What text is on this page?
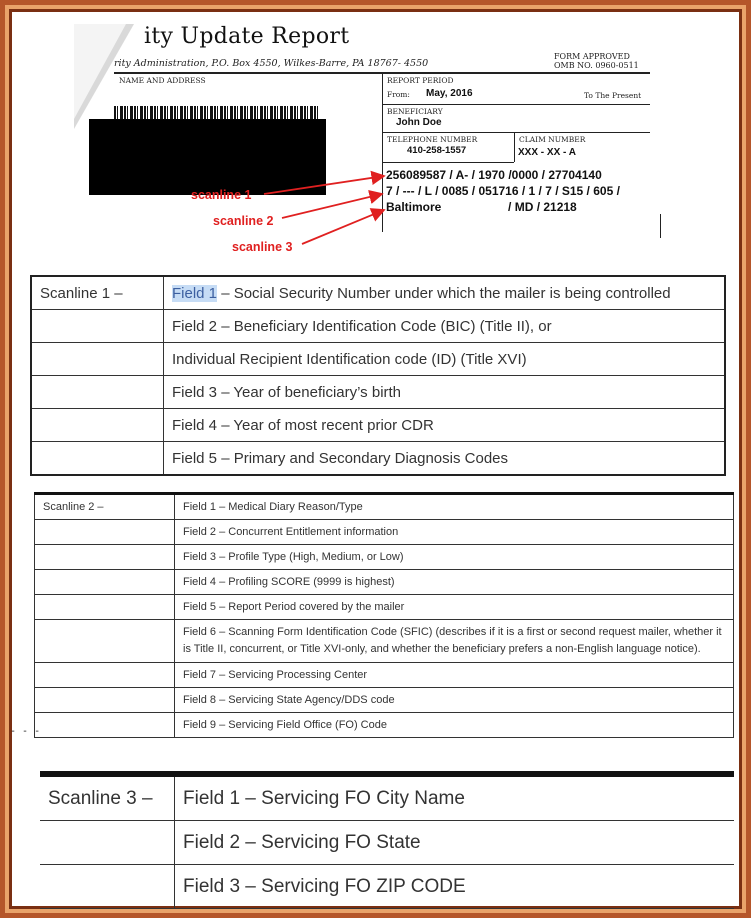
ity Update Report
rity Administration, P.O. Box 4550, Wilkes-Barre, PA 18767- 4550
FORM APPROVED
OMB NO. 0960-0511
NAME AND ADDRESS	REPORT PERIOD
From: May, 2016	To The Present
BENEFICIARY
John Doe
TELEPHONE NUMBER
410-258-1557
CLAIM NUMBER
XXX - XX - A
256089587 / A- / 1970 /0000 / 27704140
7 / --- / L / 0085 / 051716 / 1 / 7 / S15 / 605 /
Baltimore                    / MD / 21218
scanline 1
scanline 2
scanline 3
Scanline 1 –	Field 1 – Social Security Number under which the mailer is being controlled
	Field 2 – Beneficiary Identification Code (BIC) (Title II), or
	Individual Recipient Identification code (ID) (Title XVI)
	Field 3 – Year of beneficiary’s birth
	Field 4 – Year of most recent prior CDR
	Field 5 – Primary and Secondary Diagnosis Codes
- - -
Scanline 2 –	Field 1 – Medical Diary Reason/Type
	Field 2 – Concurrent Entitlement information
	Field 3 – Profile Type (High, Medium, or Low)
	Field 4 – Profiling SCORE (9999 is highest)
	Field 5 – Report Period covered by the mailer
	Field 6 – Scanning Form Identification Code (SFIC) (describes if it is a first or second request mailer, whether it is Title II, concurrent, or Title XVI-only, and whether the beneficiary prefers a non-English language notice).
	Field 7 – Servicing Processing Center
	Field 8 – Servicing State Agency/DDS code
	Field 9 – Servicing Field Office (FO) Code
Scanline 3 –	Field 1 – Servicing FO City Name
	Field 2 – Servicing FO State
	Field 3 – Servicing FO ZIP CODE
